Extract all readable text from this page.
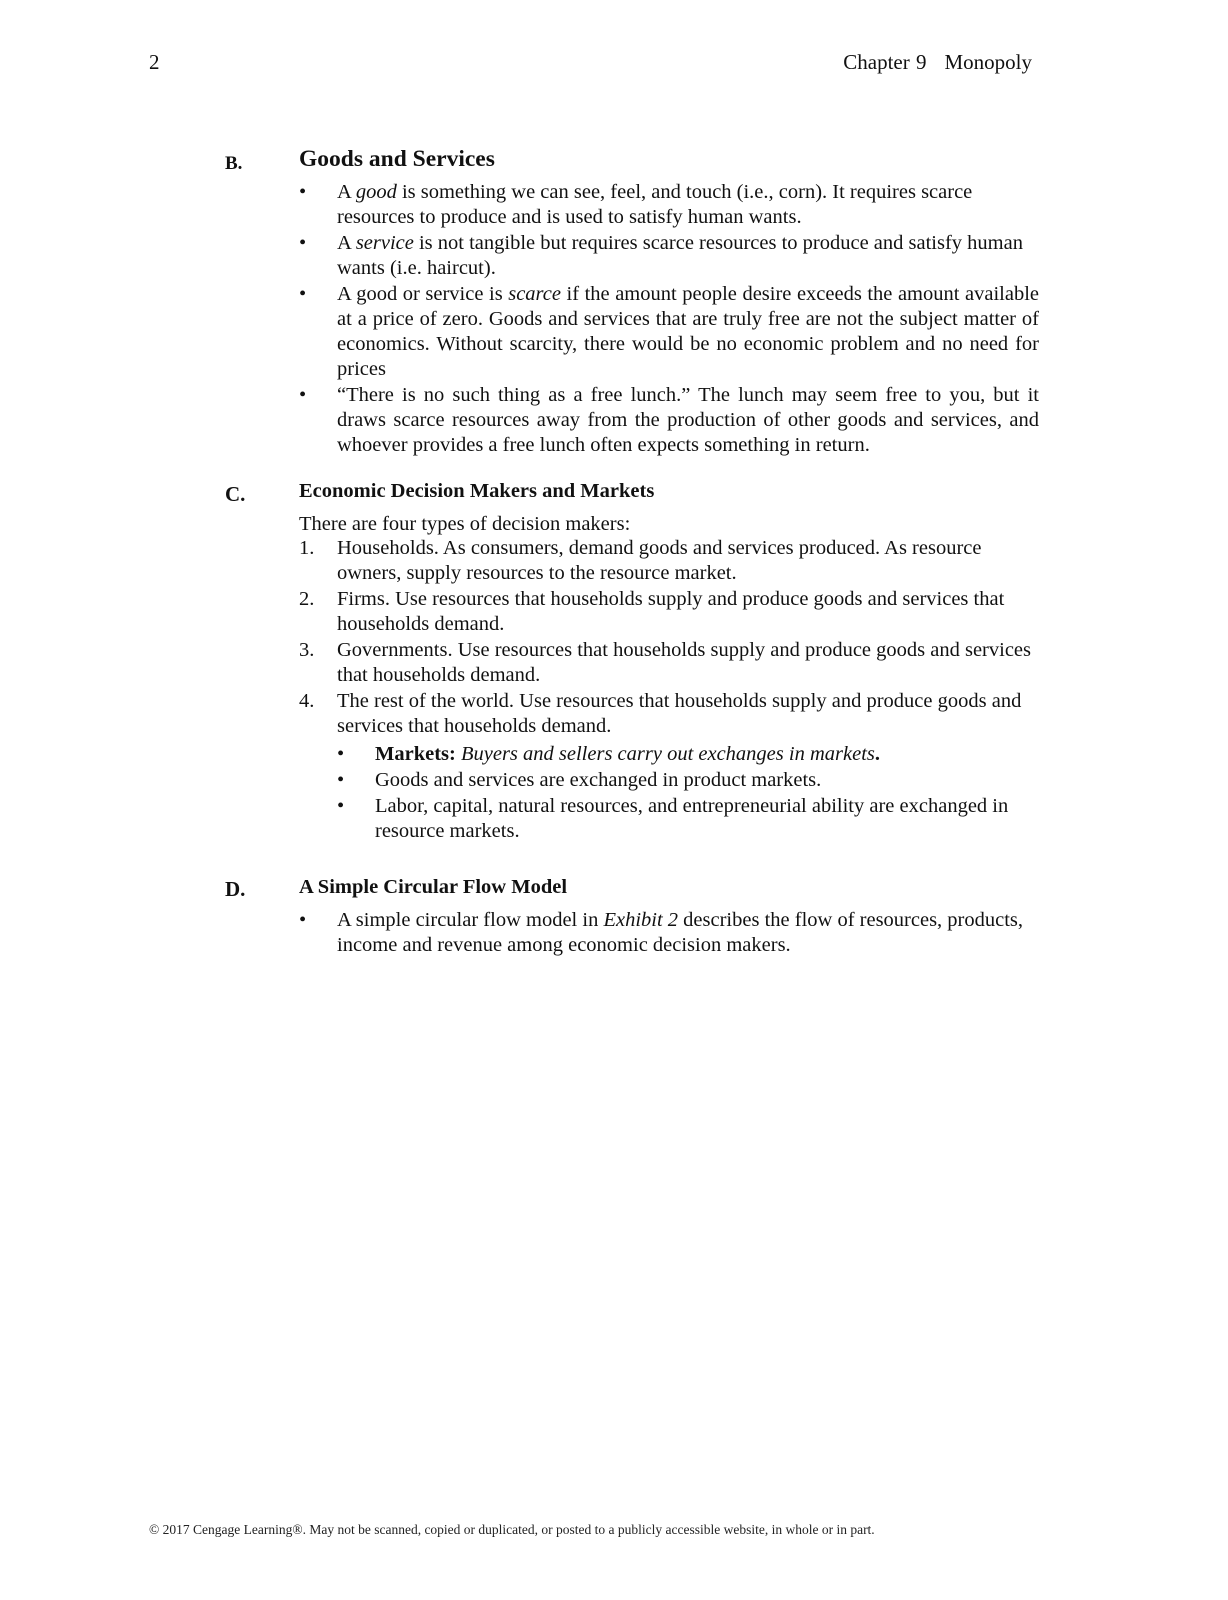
2	Chapter 9 Monopoly
B. Goods and Services
• A good is something we can see, feel, and touch (i.e., corn). It requires scarce resources to produce and is used to satisfy human wants.
• A service is not tangible but requires scarce resources to produce and satisfy human wants (i.e. haircut).
• A good or service is scarce if the amount people desire exceeds the amount available at a price of zero. Goods and services that are truly free are not the subject matter of economics. Without scarcity, there would be no economic problem and no need for prices
• “There is no such thing as a free lunch.” The lunch may seem free to you, but it draws scarce resources away from the production of other goods and services, and whoever provides a free lunch often expects something in return.
C.	Economic Decision Makers and Markets
There are four types of decision makers:
1. Households. As consumers, demand goods and services produced. As resource owners, supply resources to the resource market.
2. Firms. Use resources that households supply and produce goods and services that households demand.
3. Governments. Use resources that households supply and produce goods and services that households demand.
4. The rest of the world. Use resources that households supply and produce goods and services that households demand.
• Markets: Buyers and sellers carry out exchanges in markets.
• Goods and services are exchanged in product markets.
• Labor, capital, natural resources, and entrepreneurial ability are exchanged in resource markets.
D.	A Simple Circular Flow Model
• A simple circular flow model in Exhibit 2 describes the flow of resources, products, income and revenue among economic decision makers.
© 2017 Cengage Learning®. May not be scanned, copied or duplicated, or posted to a publicly accessible website, in whole or in part.
